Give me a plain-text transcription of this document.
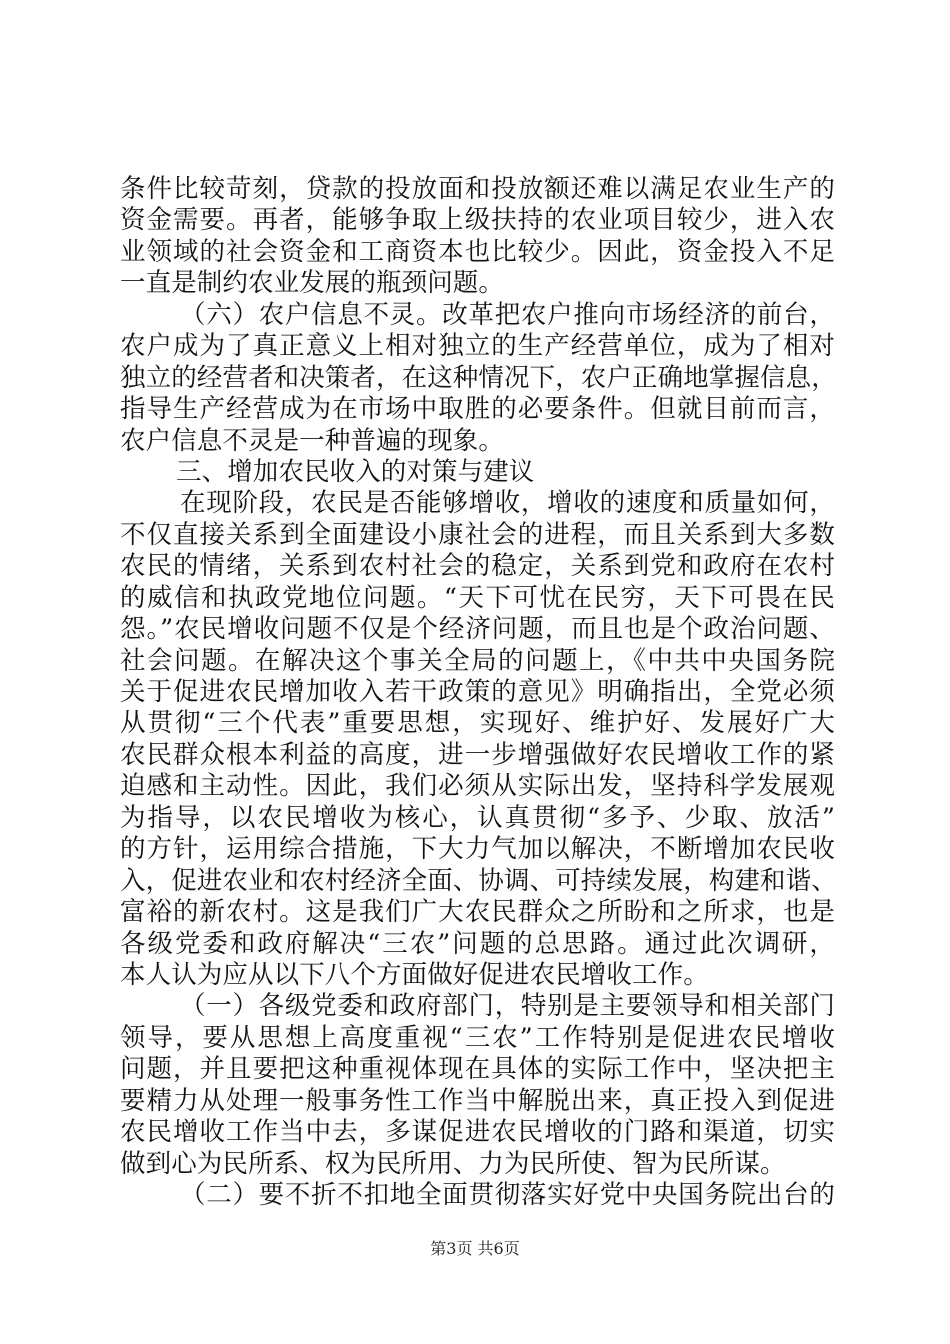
条件比较苛刻，贷款的投放面和投放额还难以满足农业生产的
资金需要。再者，能够争取上级扶持的农业项目较少，进入农
业领域的社会资金和工商资本也比较少。因此，资金投入不足
一直是制约农业发展的瓶颈问题。
（六）农户信息不灵。改革把农户推向市场经济的前台，
农户成为了真正意义上相对独立的生产经营单位，成为了相对
独立的经营者和决策者，在这种情况下，农户正确地掌握信息，
指导生产经营成为在市场中取胜的必要条件。但就目前而言，
农户信息不灵是一种普遍的现象。
三、增加农民收入的对策与建议
在现阶段，农民是否能够增收，增收的速度和质量如何，
不仅直接关系到全面建设小康社会的进程，而且关系到大多数
农民的情绪，关系到农村社会的稳定，关系到党和政府在农村
的威信和执政党地位问题。“天下可忧在民穷，天下可畏在民
怨。”农民增收问题不仅是个经济问题，而且也是个政治问题、
社会问题。在解决这个事关全局的问题上，《中共中央国务院
关于促进农民增加收入若干政策的意见》明确指出，全党必须
从贯彻“三个代表”重要思想，实现好、维护好、发展好广大
农民群众根本利益的高度，进一步增强做好农民增收工作的紧
迫感和主动性。因此，我们必须从实际出发，坚持科学发展观
为指导，以农民增收为核心，认真贯彻“多予、少取、放活”
的方针，运用综合措施，下大力气加以解决，不断增加农民收
入，促进农业和农村经济全面、协调、可持续发展，构建和谐、
富裕的新农村。这是我们广大农民群众之所盼和之所求，也是
各级党委和政府解决“三农”问题的总思路。通过此次调研，
本人认为应从以下八个方面做好促进农民增收工作。
（一）各级党委和政府部门，特别是主要领导和相关部门
领导，要从思想上高度重视“三农”工作特别是促进农民增收
问题，并且要把这种重视体现在具体的实际工作中，坚决把主
要精力从处理一般事务性工作当中解脱出来，真正投入到促进
农民增收工作当中去，多谋促进农民增收的门路和渠道，切实
做到心为民所系、权为民所用、力为民所使、智为民所谋。
（二）要不折不扣地全面贯彻落实好党中央国务院出台的
第3页 共6页
